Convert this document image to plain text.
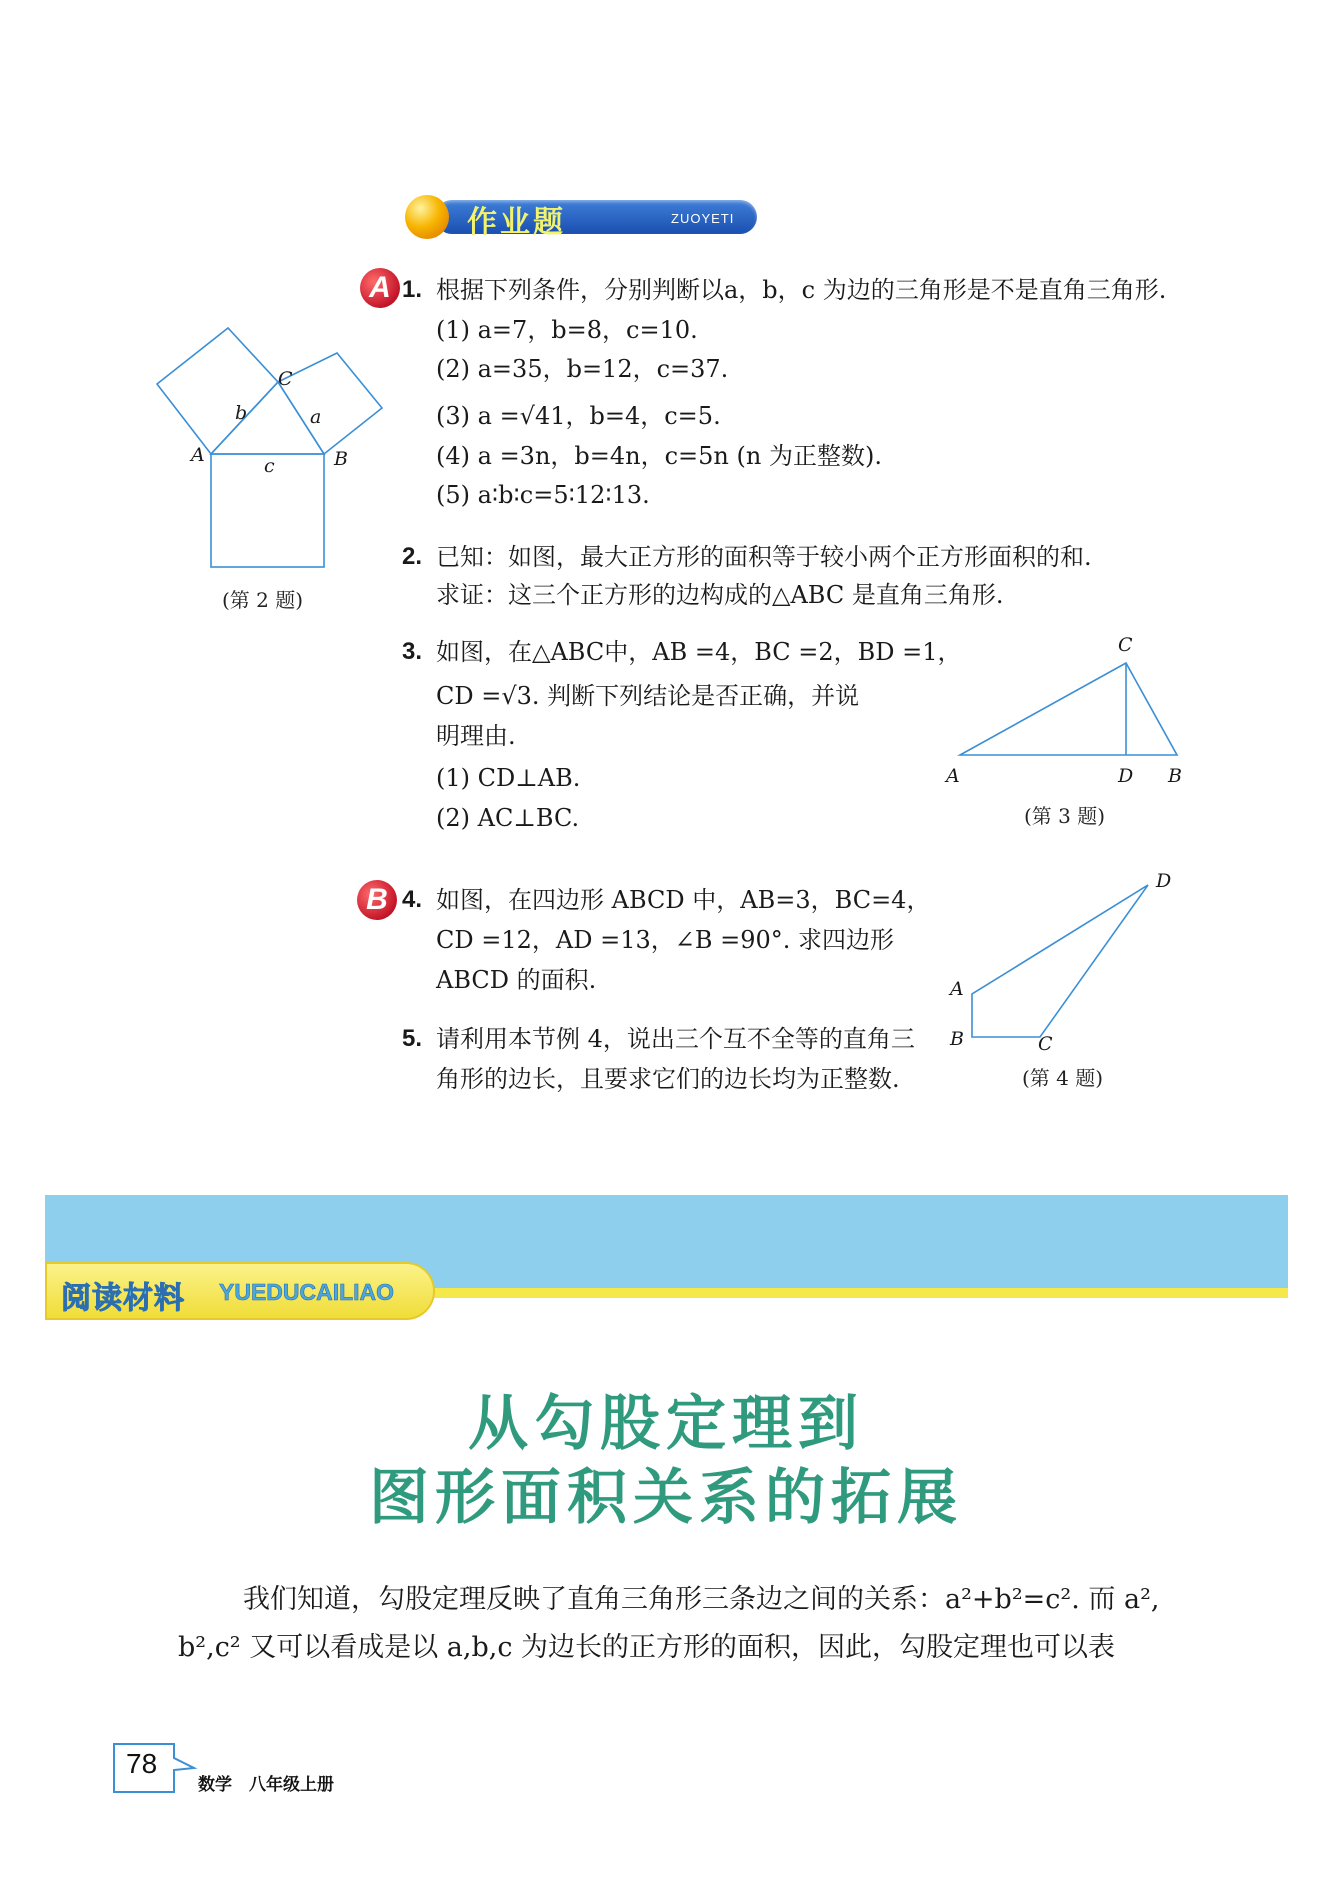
作业题	ZUOYETI
C
b	a
A	c	B
(第 2 题)
A 1. 根据下列条件，分别判断以a，b，c 为边的三角形是不是直角三角形.
(1) a=7，b=8，c=10.
(2) a=35，b=12，c=37.
(3) a =√41，b=4，c=5.
(4) a =3n，b=4n，c=5n (n 为正整数).
(5) a∶b∶c=5∶12∶13.
2. 已知：如图，最大正方形的面积等于较小两个正方形面积的和.
求证：这三个正方形的边构成的△ABC 是直角三角形.
3. 如图，在△ABC中，AB =4，BC =2，BD =1，
CD =√3. 判断下列结论是否正确，并说
明理由.
(1) CD⊥AB.
(2) AC⊥BC.
C
A	D B
(第 3 题)
B 4. 如图，在四边形 ABCD 中，AB=3，BC=4，
CD =12，AD =13，∠B =90°. 求四边形
ABCD 的面积.
5. 请利用本节例 4，说出三个互不全等的直角三
角形的边长，且要求它们的边长均为正整数.
D
A
B	C
(第 4 题)
阅读材料 YUEDUCAILIAO
从勾股定理到
图形面积关系的拓展
我们知道，勾股定理反映了直角三角形三条边之间的关系：a²+b²=c². 而 a²,
b²,c² 又可以看成是以 a,b,c 为边长的正方形的面积，因此，勾股定理也可以表
78
数学　八年级上册
